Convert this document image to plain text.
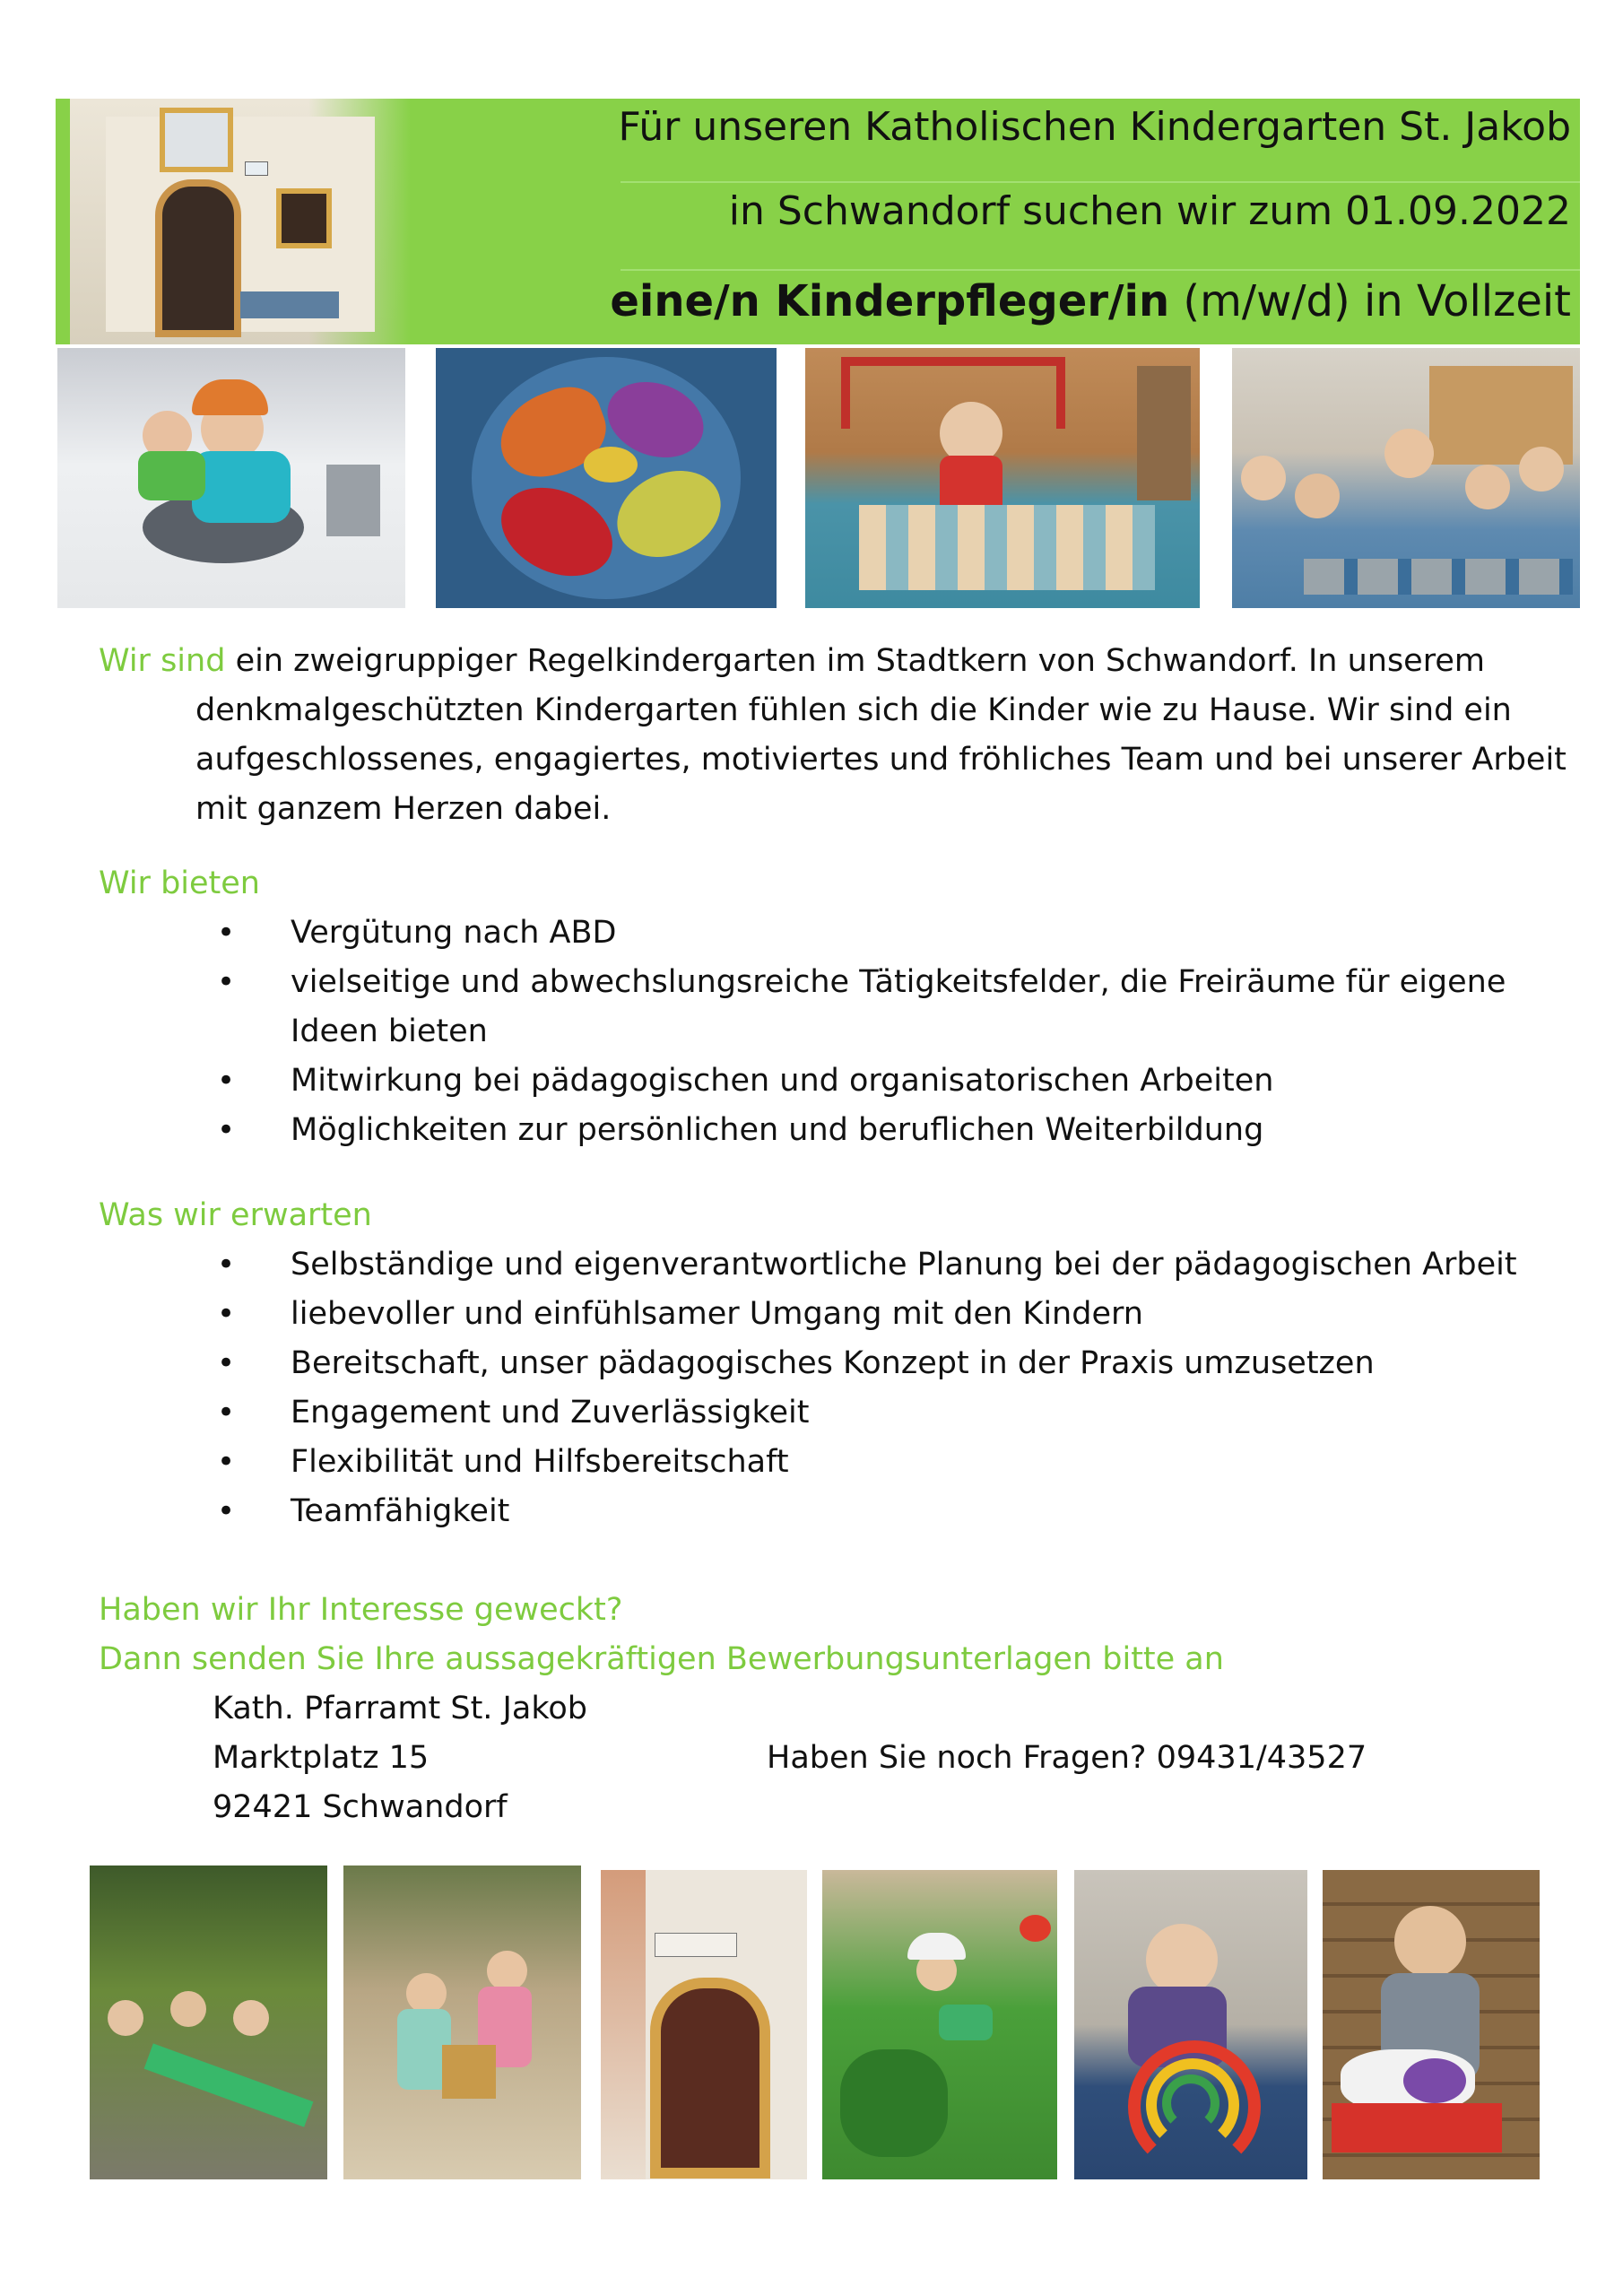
Für unseren Katholischen Kindergarten St. Jakob

in Schwandorf suchen wir zum 01.09.2022

eine/n Kinderpfleger/in (m/w/d) in Vollzeit

Wir sind ein zweigruppiger Regelkindergarten im Stadtkern von Schwandorf. In unserem

denkmalgeschützten Kindergarten fühlen sich die Kinder wie zu Hause. Wir sind ein aufgeschlossenes, engagiertes, motiviertes und fröhliches Team und bei unserer Arbeit mit ganzem Herzen dabei.

Wir bieten

• Vergütung nach ABD
• vielseitige und abwechslungsreiche Tätigkeitsfelder, die Freiräume für eigene Ideen bieten
• Mitwirkung bei pädagogischen und organisatorischen Arbeiten
• Möglichkeiten zur persönlichen und beruflichen Weiterbildung

Was wir erwarten

• Selbständige und eigenverantwortliche Planung bei der pädagogischen Arbeit
• liebevoller und einfühlsamer Umgang mit den Kindern
• Bereitschaft, unser pädagogisches Konzept in der Praxis umzusetzen
• Engagement und Zuverlässigkeit
• Flexibilität und Hilfsbereitschaft
• Teamfähigkeit

Haben wir Ihr Interesse geweckt?

Dann senden Sie Ihre aussagekräftigen Bewerbungsunterlagen bitte an

Kath. Pfarramt St. Jakob

Marktplatz 15

92421 Schwandorf

Haben Sie noch Fragen? 09431/43527
